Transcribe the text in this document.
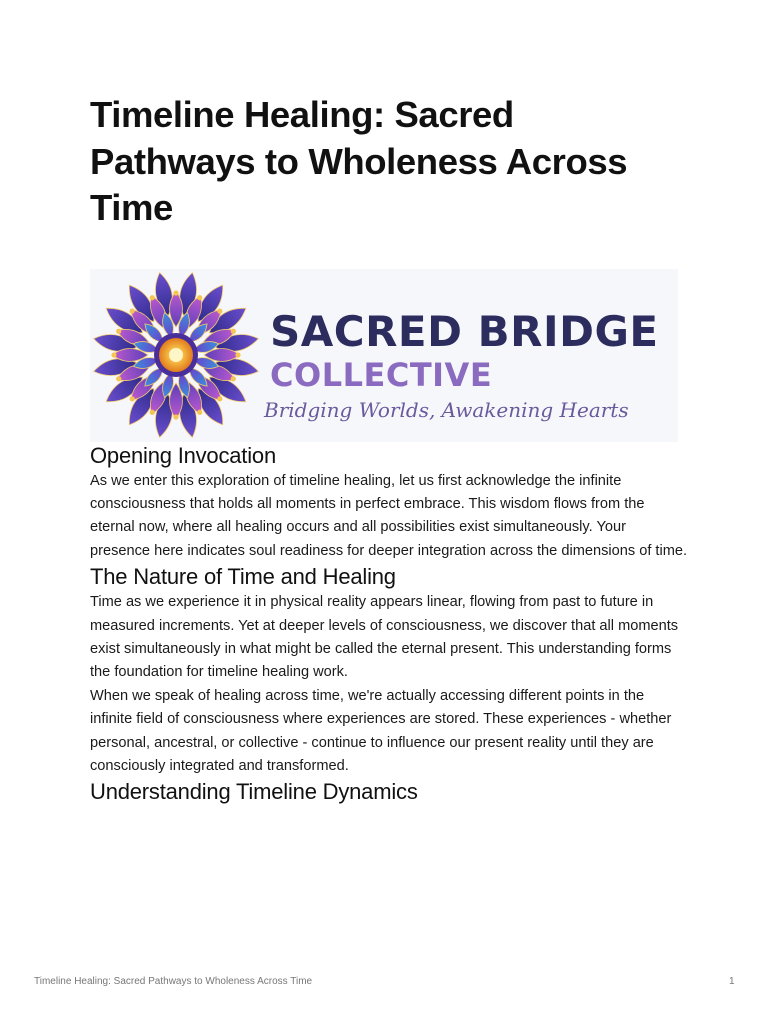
Timeline Healing: Sacred Pathways to Wholeness Across Time
SACRED BRIDGE
COLLECTIVE
Bridging Worlds, Awakening Hearts
Opening Invocation

As we enter this exploration of timeline healing, let us first acknowledge the infinite consciousness that holds all moments in perfect embrace. This wisdom flows from the eternal now, where all healing occurs and all possibilities exist simultaneously. Your presence here indicates soul readiness for deeper integration across the dimensions of time.

The Nature of Time and Healing

Time as we experience it in physical reality appears linear, flowing from past to future in measured increments. Yet at deeper levels of consciousness, we discover that all moments exist simultaneously in what might be called the eternal present. This understanding forms the foundation for timeline healing work.

When we speak of healing across time, we're actually accessing different points in the infinite field of consciousness where experiences are stored. These experiences - whether personal, ancestral, or collective - continue to influence our present reality until they are consciously integrated and transformed.

Understanding Timeline Dynamics
Timeline Healing: Sacred Pathways to Wholeness Across Time	1
